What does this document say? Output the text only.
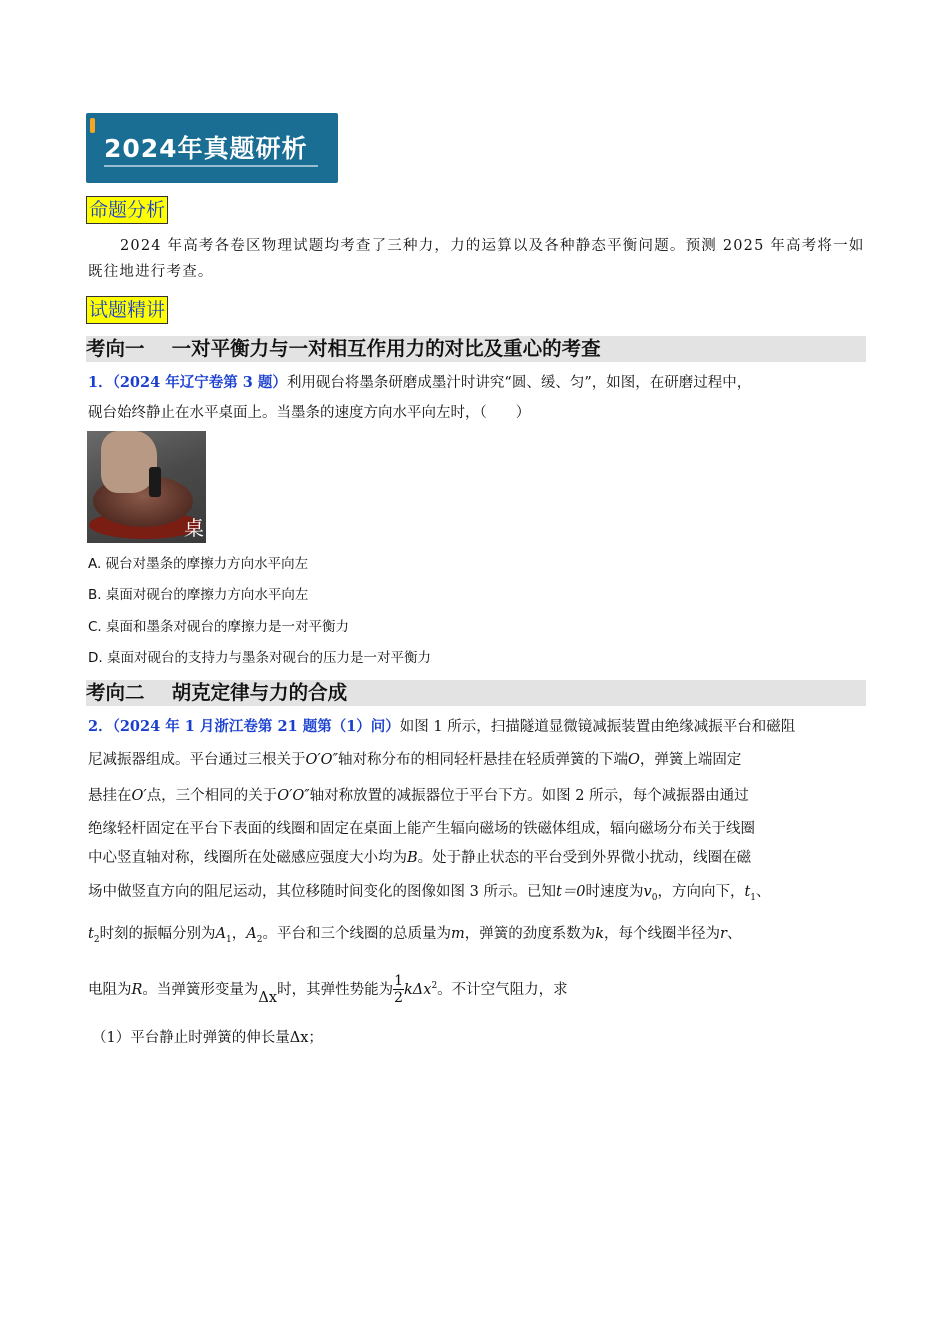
2024年真题研析
命题分析
2024 年高考各卷区物理试题均考查了三种力，力的运算以及各种静态平衡问题。预测 2025 年高考将一如既往地进行考查。
试题精讲
考向一 一对平衡力与一对相互作用力的对比及重心的考查
1．（2024 年辽宁卷第 3 题）利用砚台将墨条研磨成墨汁时讲究“圆、缓、匀”，如图，在研磨过程中，
砚台始终静止在水平桌面上。当墨条的速度方向水平向左时，（　　）
桌
A. 砚台对墨条的摩擦力方向水平向左
B. 桌面对砚台的摩擦力方向水平向左
C. 桌面和墨条对砚台的摩擦力是一对平衡力
D. 桌面对砚台的支持力与墨条对砚台的压力是一对平衡力
考向二 胡克定律与力的合成
2．（2024 年 1 月浙江卷第 21 题第（1）问）如图 1 所示，扫描隧道显微镜减振装置由绝缘减振平台和磁阻
尼减振器组成。平台通过三根关于O′O″轴对称分布的相同轻杆悬挂在轻质弹簧的下端O，弹簧上端固定
悬挂在O′点，三个相同的关于O′O″轴对称放置的减振器位于平台下方。如图 2 所示，每个减振器由通过
绝缘轻杆固定在平台下表面的线圈和固定在桌面上能产生辐向磁场的铁磁体组成，辐向磁场分布关于线圈
中心竖直轴对称，线圈所在处磁感应强度大小均为B。处于静止状态的平台受到外界微小扰动，线圈在磁
场中做竖直方向的阻尼运动，其位移随时间变化的图像如图 3 所示。已知t＝0时速度为$v_0$，方向向下，$t_1$、
$t_2$时刻的振幅分别为$A_1$，$A_2$。平台和三个线圈的总质量为m，弹簧的劲度系数为k，每个线圈半径为r、
电阻为R。当弹簧形变量为Δx时，其弹性势能为 $\frac{1}{2} k\Delta x^2$。不计空气阻力，求
（1）平台静止时弹簧的伸长量Δx；
